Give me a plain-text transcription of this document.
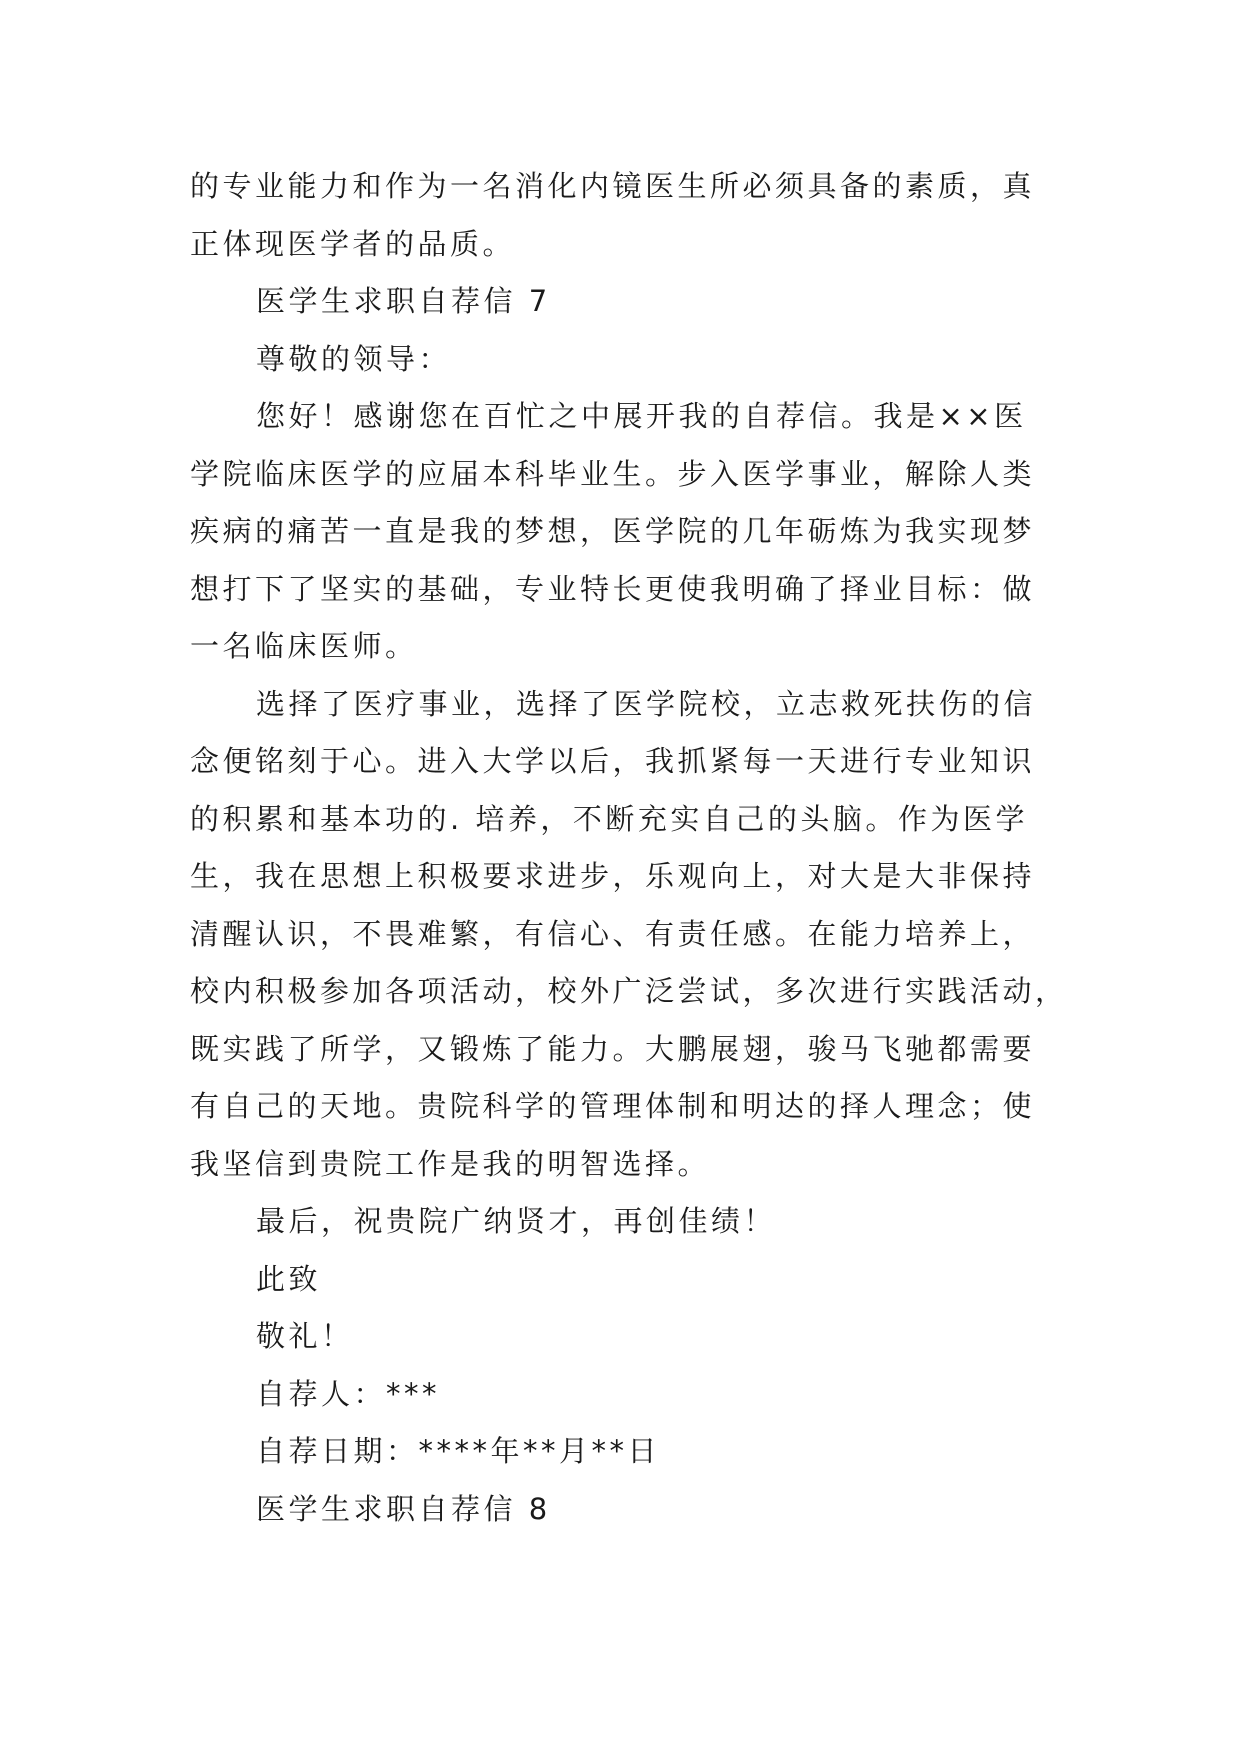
的专业能力和作为一名消化内镜医生所必须具备的素质，真
正体现医学者的品质。
医学生求职自荐信 7
尊敬的领导：
您好！感谢您在百忙之中展开我的自荐信。我是××医
学院临床医学的应届本科毕业生。步入医学事业，解除人类
疾病的痛苦一直是我的梦想，医学院的几年砺炼为我实现梦
想打下了坚实的基础，专业特长更使我明确了择业目标：做
一名临床医师。
选择了医疗事业，选择了医学院校，立志救死扶伤的信
念便铭刻于心。进入大学以后，我抓紧每一天进行专业知识
的积累和基本功的. 培养，不断充实自己的头脑。作为医学
生，我在思想上积极要求进步，乐观向上，对大是大非保持
清醒认识，不畏难繁，有信心、有责任感。在能力培养上，
校内积极参加各项活动，校外广泛尝试，多次进行实践活动，
既实践了所学，又锻炼了能力。大鹏展翅，骏马飞驰都需要
有自己的天地。贵院科学的管理体制和明达的择人理念；使
我坚信到贵院工作是我的明智选择。
最后，祝贵院广纳贤才，再创佳绩！
此致
敬礼！
自荐人：***
自荐日期：****年**月**日
医学生求职自荐信 8
